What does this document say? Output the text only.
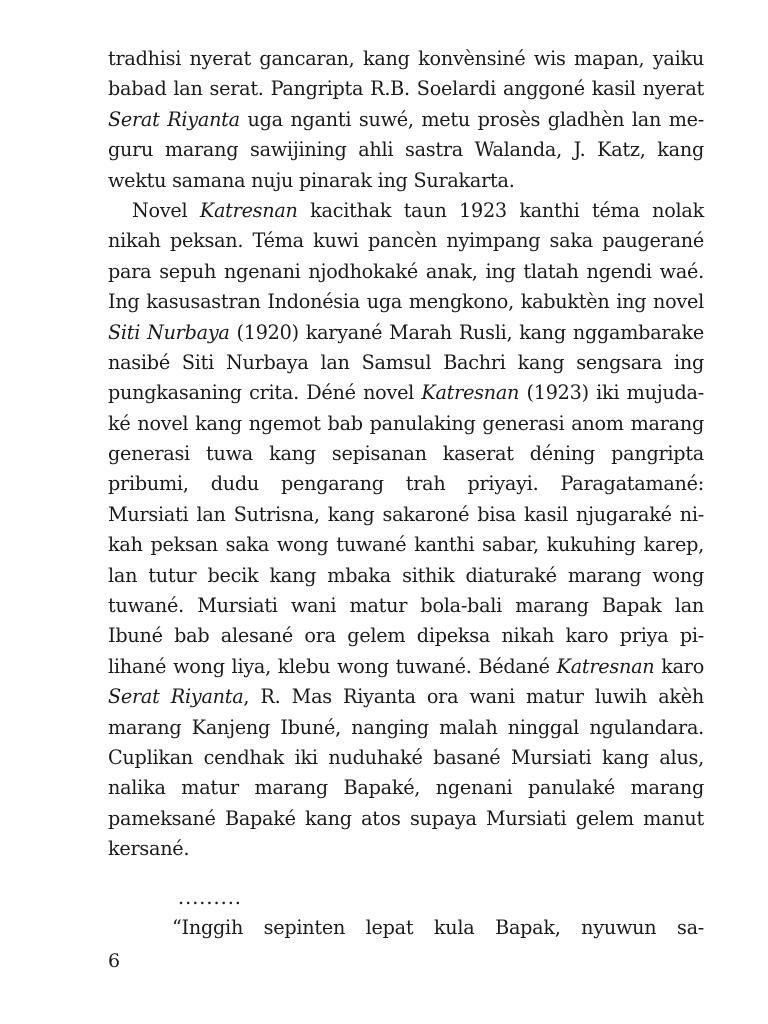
tradhisi nyerat gancaran, kang konvènsiné wis mapan, yaiku
babad lan serat. Pangripta R.B. Soelardi anggoné kasil nyerat
Serat Riyanta uga nganti suwé, metu prosès gladhèn lan me-
guru marang sawijining ahli sastra Walanda, J. Katz, kang
wektu samana nuju pinarak ing Surakarta.
Novel Katresnan kacithak taun 1923 kanthi téma nolak
nikah peksan. Téma kuwi pancèn nyimpang saka paugerané
para sepuh ngenani njodhokaké anak, ing tlatah ngendi waé.
Ing kasusastran Indonésia uga mengkono, kabuktèn ing novel
Siti Nurbaya (1920) karyané Marah Rusli, kang nggambarake
nasibé Siti Nurbaya lan Samsul Bachri kang sengsara ing
pungkasaning crita. Déné novel Katresnan (1923) iki mujuda-
ké novel kang ngemot bab panulaking generasi anom marang
generasi tuwa kang sepisanan kaserat déning pangripta
pribumi, dudu pengarang trah priyayi. Paragatamané:
Mursiati lan Sutrisna, kang sakaroné bisa kasil njugaraké ni-
kah peksan saka wong tuwané kanthi sabar, kukuhing karep,
lan tutur becik kang mbaka sithik diaturaké marang wong
tuwané. Mursiati wani matur bola-bali marang Bapak lan
Ibuné bab alesané ora gelem dipeksa nikah karo priya pi-
lihané wong liya, klebu wong tuwané. Bédané Katresnan karo
Serat Riyanta, R. Mas Riyanta ora wani matur luwih akèh
marang Kanjeng Ibuné, nanging malah ninggal ngulandara.
Cuplikan cendhak iki nuduhaké basané Mursiati kang alus,
nalika matur marang Bapaké, ngenani panulaké marang
pameksané Bapaké kang atos supaya Mursiati gelem manut
kersané.
.........
“Inggih sepinten lepat kula Bapak, nyuwun sa-
6
